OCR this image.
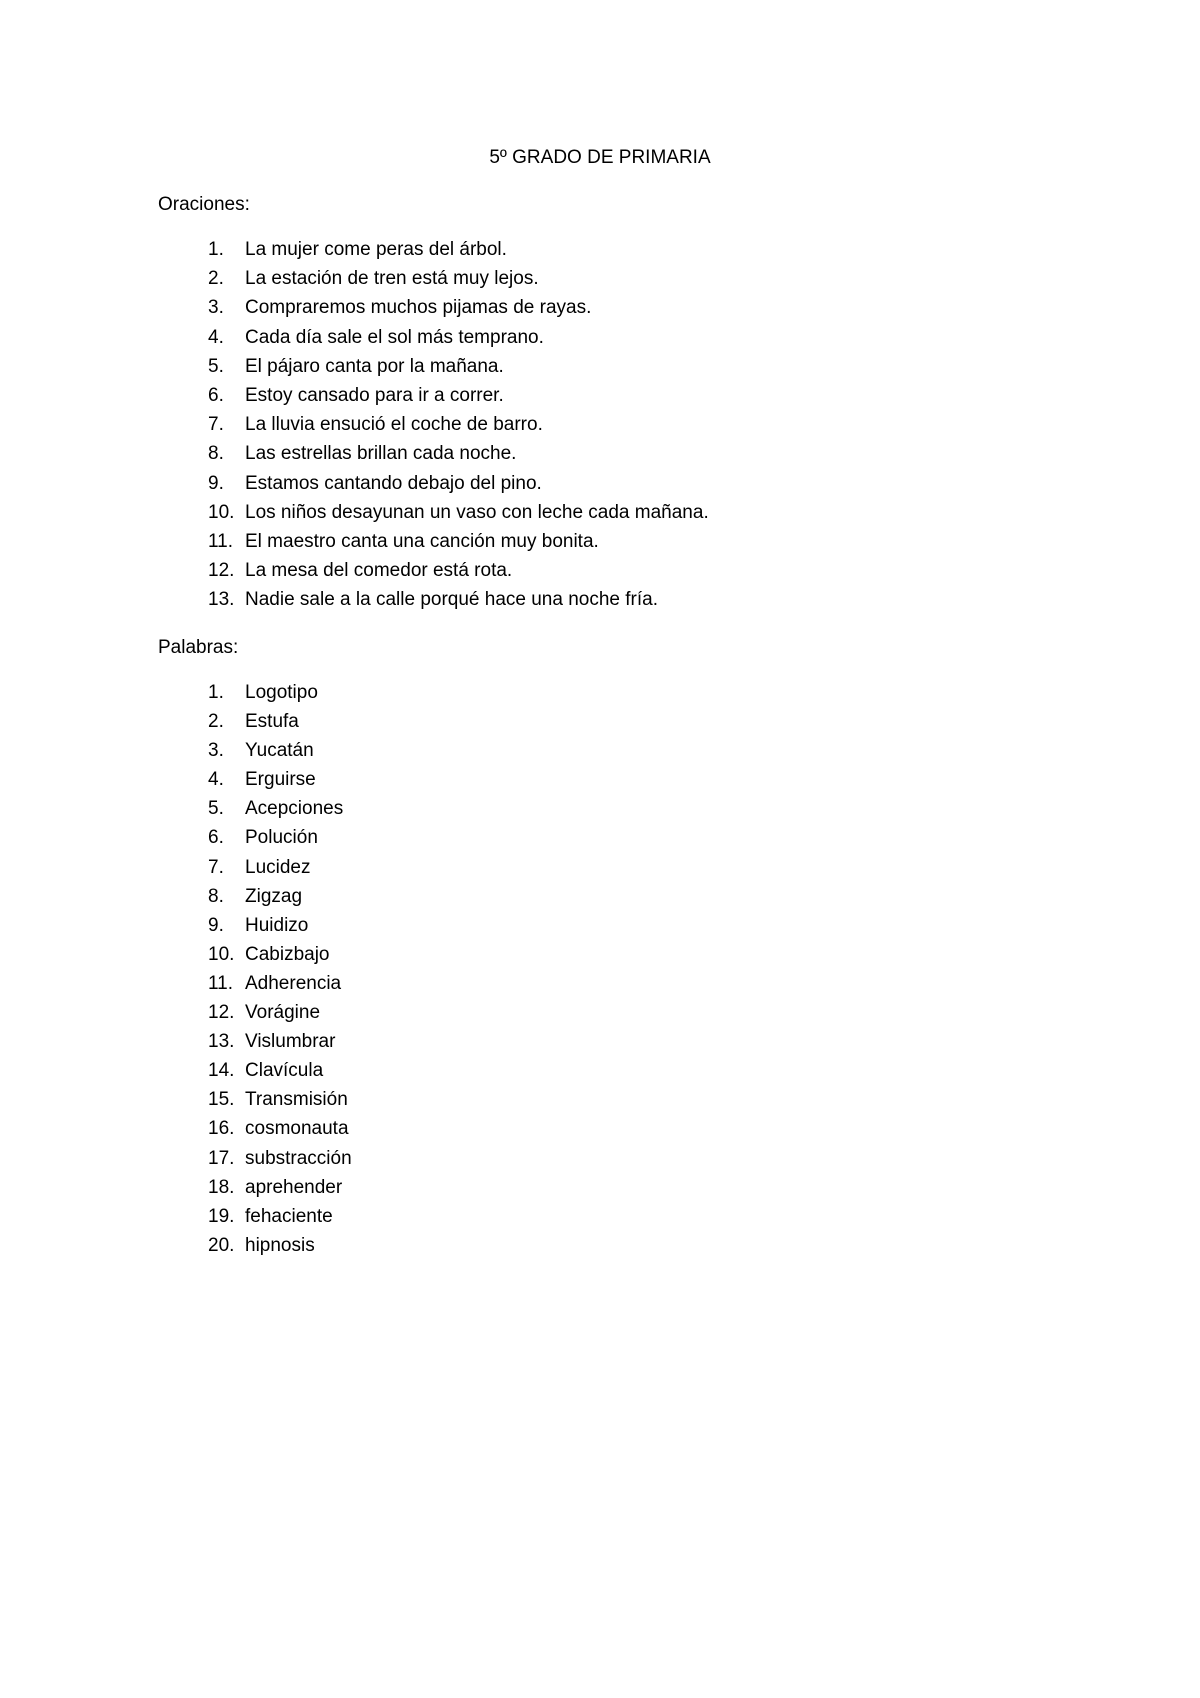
5º GRADO DE PRIMARIA

Oraciones:

1.	La mujer come peras del árbol.
2.	La estación de tren está muy lejos.
3.	Compraremos muchos pijamas de rayas.
4.	Cada día sale el sol más temprano.
5.	El pájaro canta por la mañana.
6.	Estoy cansado para ir a correr.
7.	La lluvia ensució el coche de barro.
8.	Las estrellas brillan cada noche.
9.	Estamos cantando debajo del pino.
10. Los niños desayunan un vaso con leche cada mañana.
11. El maestro canta una canción muy bonita.
12. La mesa del comedor está rota.
13. Nadie sale a la calle porqué hace una noche fría.

Palabras:

1.	Logotipo
2.	Estufa
3.	Yucatán
4.	Erguirse
5.	Acepciones
6.	Polución
7.	Lucidez
8.	Zigzag
9.	Huidizo
10. Cabizbajo
11. Adherencia
12. Vorágine
13. Vislumbrar
14. Clavícula
15. Transmisión
16. cosmonauta
17. substracción
18. aprehender
19. fehaciente
20. hipnosis
